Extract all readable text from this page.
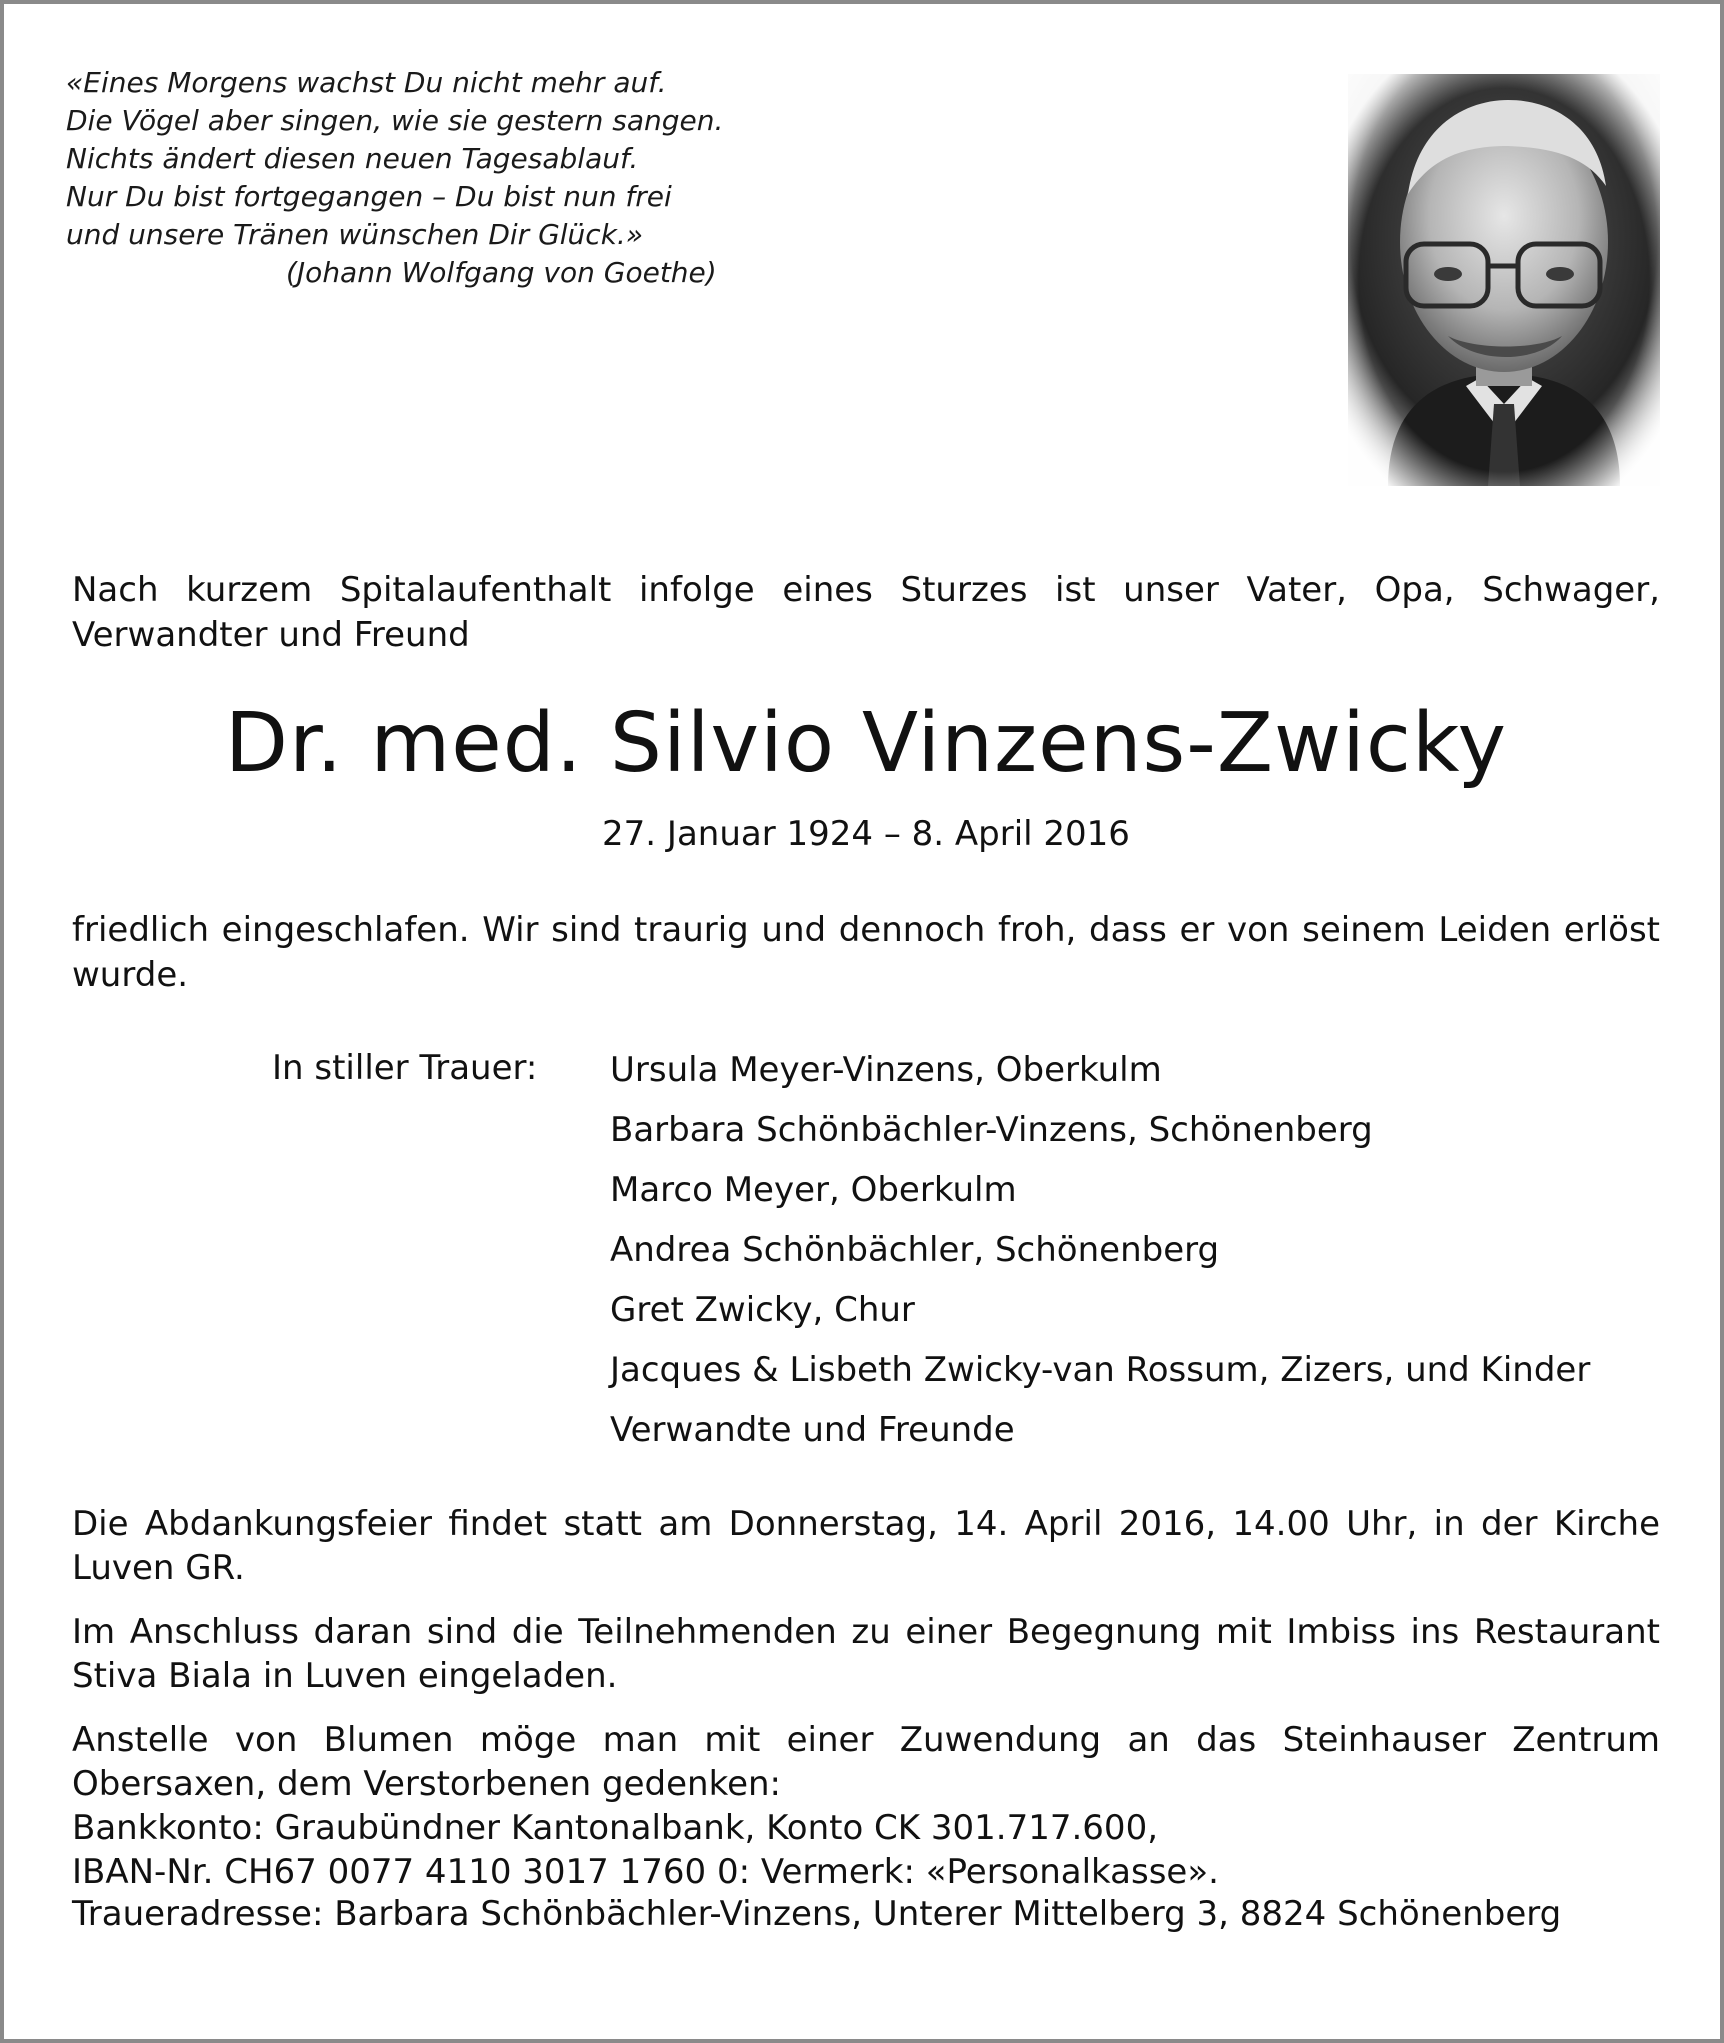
«Eines Morgens wachst Du nicht mehr auf.
Die Vögel aber singen, wie sie gestern sangen.
Nichts ändert diesen neuen Tagesablauf.
Nur Du bist fortgegangen – Du bist nun frei
und unsere Tränen wünschen Dir Glück.»
(Johann Wolfgang von Goethe)
Nach kurzem Spitalaufenthalt infolge eines Sturzes ist unser Vater, Opa, Schwager, Verwandter und Freund
Dr. med. Silvio Vinzens-Zwicky
27. Januar 1924 – 8. April 2016
friedlich eingeschlafen. Wir sind traurig und dennoch froh, dass er von seinem Leiden erlöst wurde.
In stiller Trauer: Ursula Meyer-Vinzens, Oberkulm
Barbara Schönbächler-Vinzens, Schönenberg
Marco Meyer, Oberkulm
Andrea Schönbächler, Schönenberg
Gret Zwicky, Chur
Jacques & Lisbeth Zwicky-van Rossum, Zizers, und Kinder
Verwandte und Freunde
Die Abdankungsfeier findet statt am Donnerstag, 14. April 2016, 14.00 Uhr, in der Kirche Luven GR.
Im Anschluss daran sind die Teilnehmenden zu einer Begegnung mit Imbiss ins Restaurant Stiva Biala in Luven eingeladen.
Anstelle von Blumen möge man mit einer Zuwendung an das Steinhauser Zentrum Obersaxen, dem Verstorbenen gedenken:
Bankkonto: Graubündner Kantonalbank, Konto CK 301.717.600,
IBAN-Nr. CH67 0077 4110 3017 1760 0: Vermerk: «Personalkasse».
Traueradresse: Barbara Schönbächler-Vinzens, Unterer Mittelberg 3, 8824 Schönenberg
